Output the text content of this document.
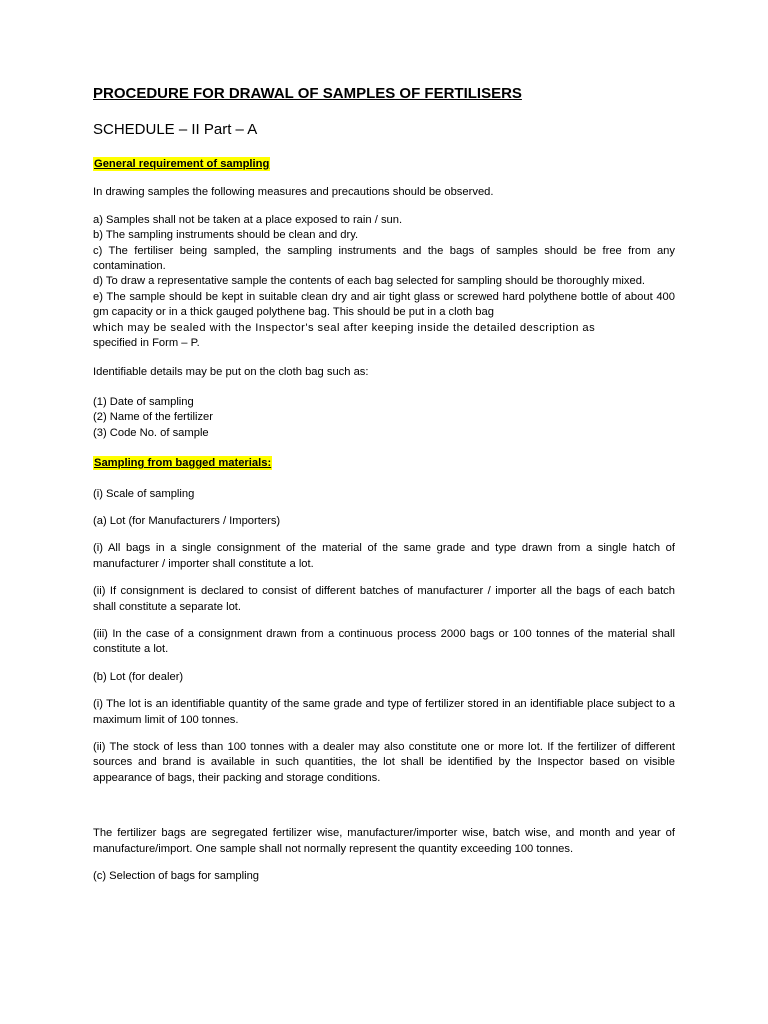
PROCEDURE FOR DRAWAL OF SAMPLES OF FERTILISERS
SCHEDULE – II Part – A
General requirement of sampling

In drawing samples the following measures and precautions should be observed.

a) Samples shall not be taken at a place exposed to rain / sun.

b) The sampling instruments should be clean and dry.

c) The fertiliser being sampled, the sampling instruments and the bags of samples should be free from any contamination.

d) To draw a representative sample the contents of each bag selected for sampling should be thoroughly mixed.

e) The sample should be kept in suitable clean dry and air tight glass or screwed hard polythene bottle of about 400 gm capacity or in a thick gauged polythene bag. This should be put in a cloth bag

which may be sealed with the Inspector's seal after keeping inside the detailed description as

specified in Form – P.

Identifiable details may be put on the cloth bag such as:

(1) Date of sampling

(2) Name of the fertilizer

(3) Code No. of sample

Sampling from bagged materials:

(i) Scale of sampling

(a) Lot (for Manufacturers / Importers)

(i) All bags in a single consignment of the material of the same grade and type drawn from a single hatch of manufacturer / importer shall constitute a lot.

(ii) If consignment is declared to consist of different batches of manufacturer / importer all the bags of each batch shall constitute a separate lot.

(iii) In the case of a consignment drawn from a continuous process 2000 bags or 100 tonnes of the material shall constitute a lot.

(b) Lot (for dealer)

(i) The lot is an identifiable quantity of the same grade and type of fertilizer stored in an identifiable place subject to a maximum limit of 100 tonnes.

(ii) The stock of less than 100 tonnes with a dealer may also constitute one or more lot. If the fertilizer of different sources and brand is available in such quantities, the lot shall be identified by the Inspector based on visible appearance of bags, their packing and storage conditions.

The fertilizer bags are segregated fertilizer wise, manufacturer/importer wise, batch wise, and month and year of manufacture/import. One sample shall not normally represent the quantity exceeding 100 tonnes.

(c) Selection of bags for sampling
